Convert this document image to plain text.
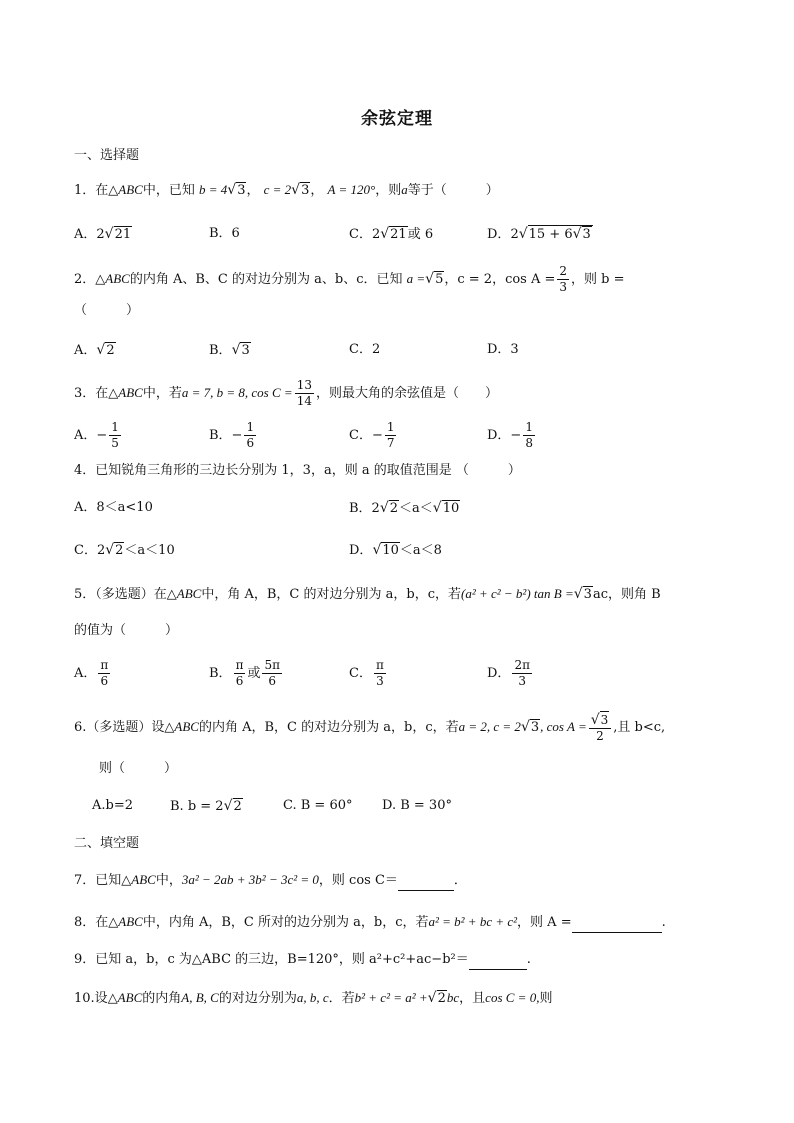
余弦定理
一、选择题
1．在△ABC中，已知 b = 4√3， c = 2√3， A = 120°，则a等于（　　　）
A．2√21	B．6	C．2√21或 6	D．2√15 + 6√3
2．△ABC的内角 A、B、C 的对边分别为 a、b、c．已知 a =√5，c = 2，$\cos A = \frac{2}{3}$ ，则 b =
（　　　）
A．√2	B．√3	C．2	D．3
3．在△ABC中，若a = 7, b = 8, $\cos C = \frac{13}{14}$ ，则最大角的余弦值是（　　）
A．− $\frac{1}{5}$	B．− $\frac{1}{6}$	C．− $\frac{1}{7}$	D．− $\frac{1}{8}$
4．已知锐角三角形的三边长分别为 1，3，a，则 a 的取值范围是 （　　　）
A．8＜a<10	B．2√2＜a＜√10
C．2√2＜a＜10	D．√10＜a＜8
5．（多选题）在△ABC中，角 A，B，C 的对边分别为 a，b，c，若(a² + c² − b²) tan B =√3ac，则角 B
的值为（　　　）
A． $\frac{\pi}{6}$	B． $\frac{\pi}{6}$ 或 $\frac{5\pi}{6}$	C． $\frac{\pi}{3}$	D． $\frac{2\pi}{3}$
6.（多选题）设△ABC的内角 A，B，C 的对边分别为 a，b，c，若a = 2, c = 2√3, $\cos A = \frac{√3}{2}$ ,且 b<c,
则（　　　）
A.b=2	B. b = 2√2	C. B = 60° D. B = 30°
二、填空题
7．已知△ABC中，3a² − 2ab + 3b² − 3c² = 0，则 cos C＝	．
8．在△ABC中，内角 A，B，C 所对的边分别为 a，b，c，若a² = b² + bc + c²，则 A =	.
9．已知 a，b，c 为△ABC 的三边，B=120°，则 a²+c²+ac−b²＝	.
10.设△ABC的内角A, B, C的对边分别为a, b, c．若b² + c² = a² +√2bc，且cos C = 0,则
